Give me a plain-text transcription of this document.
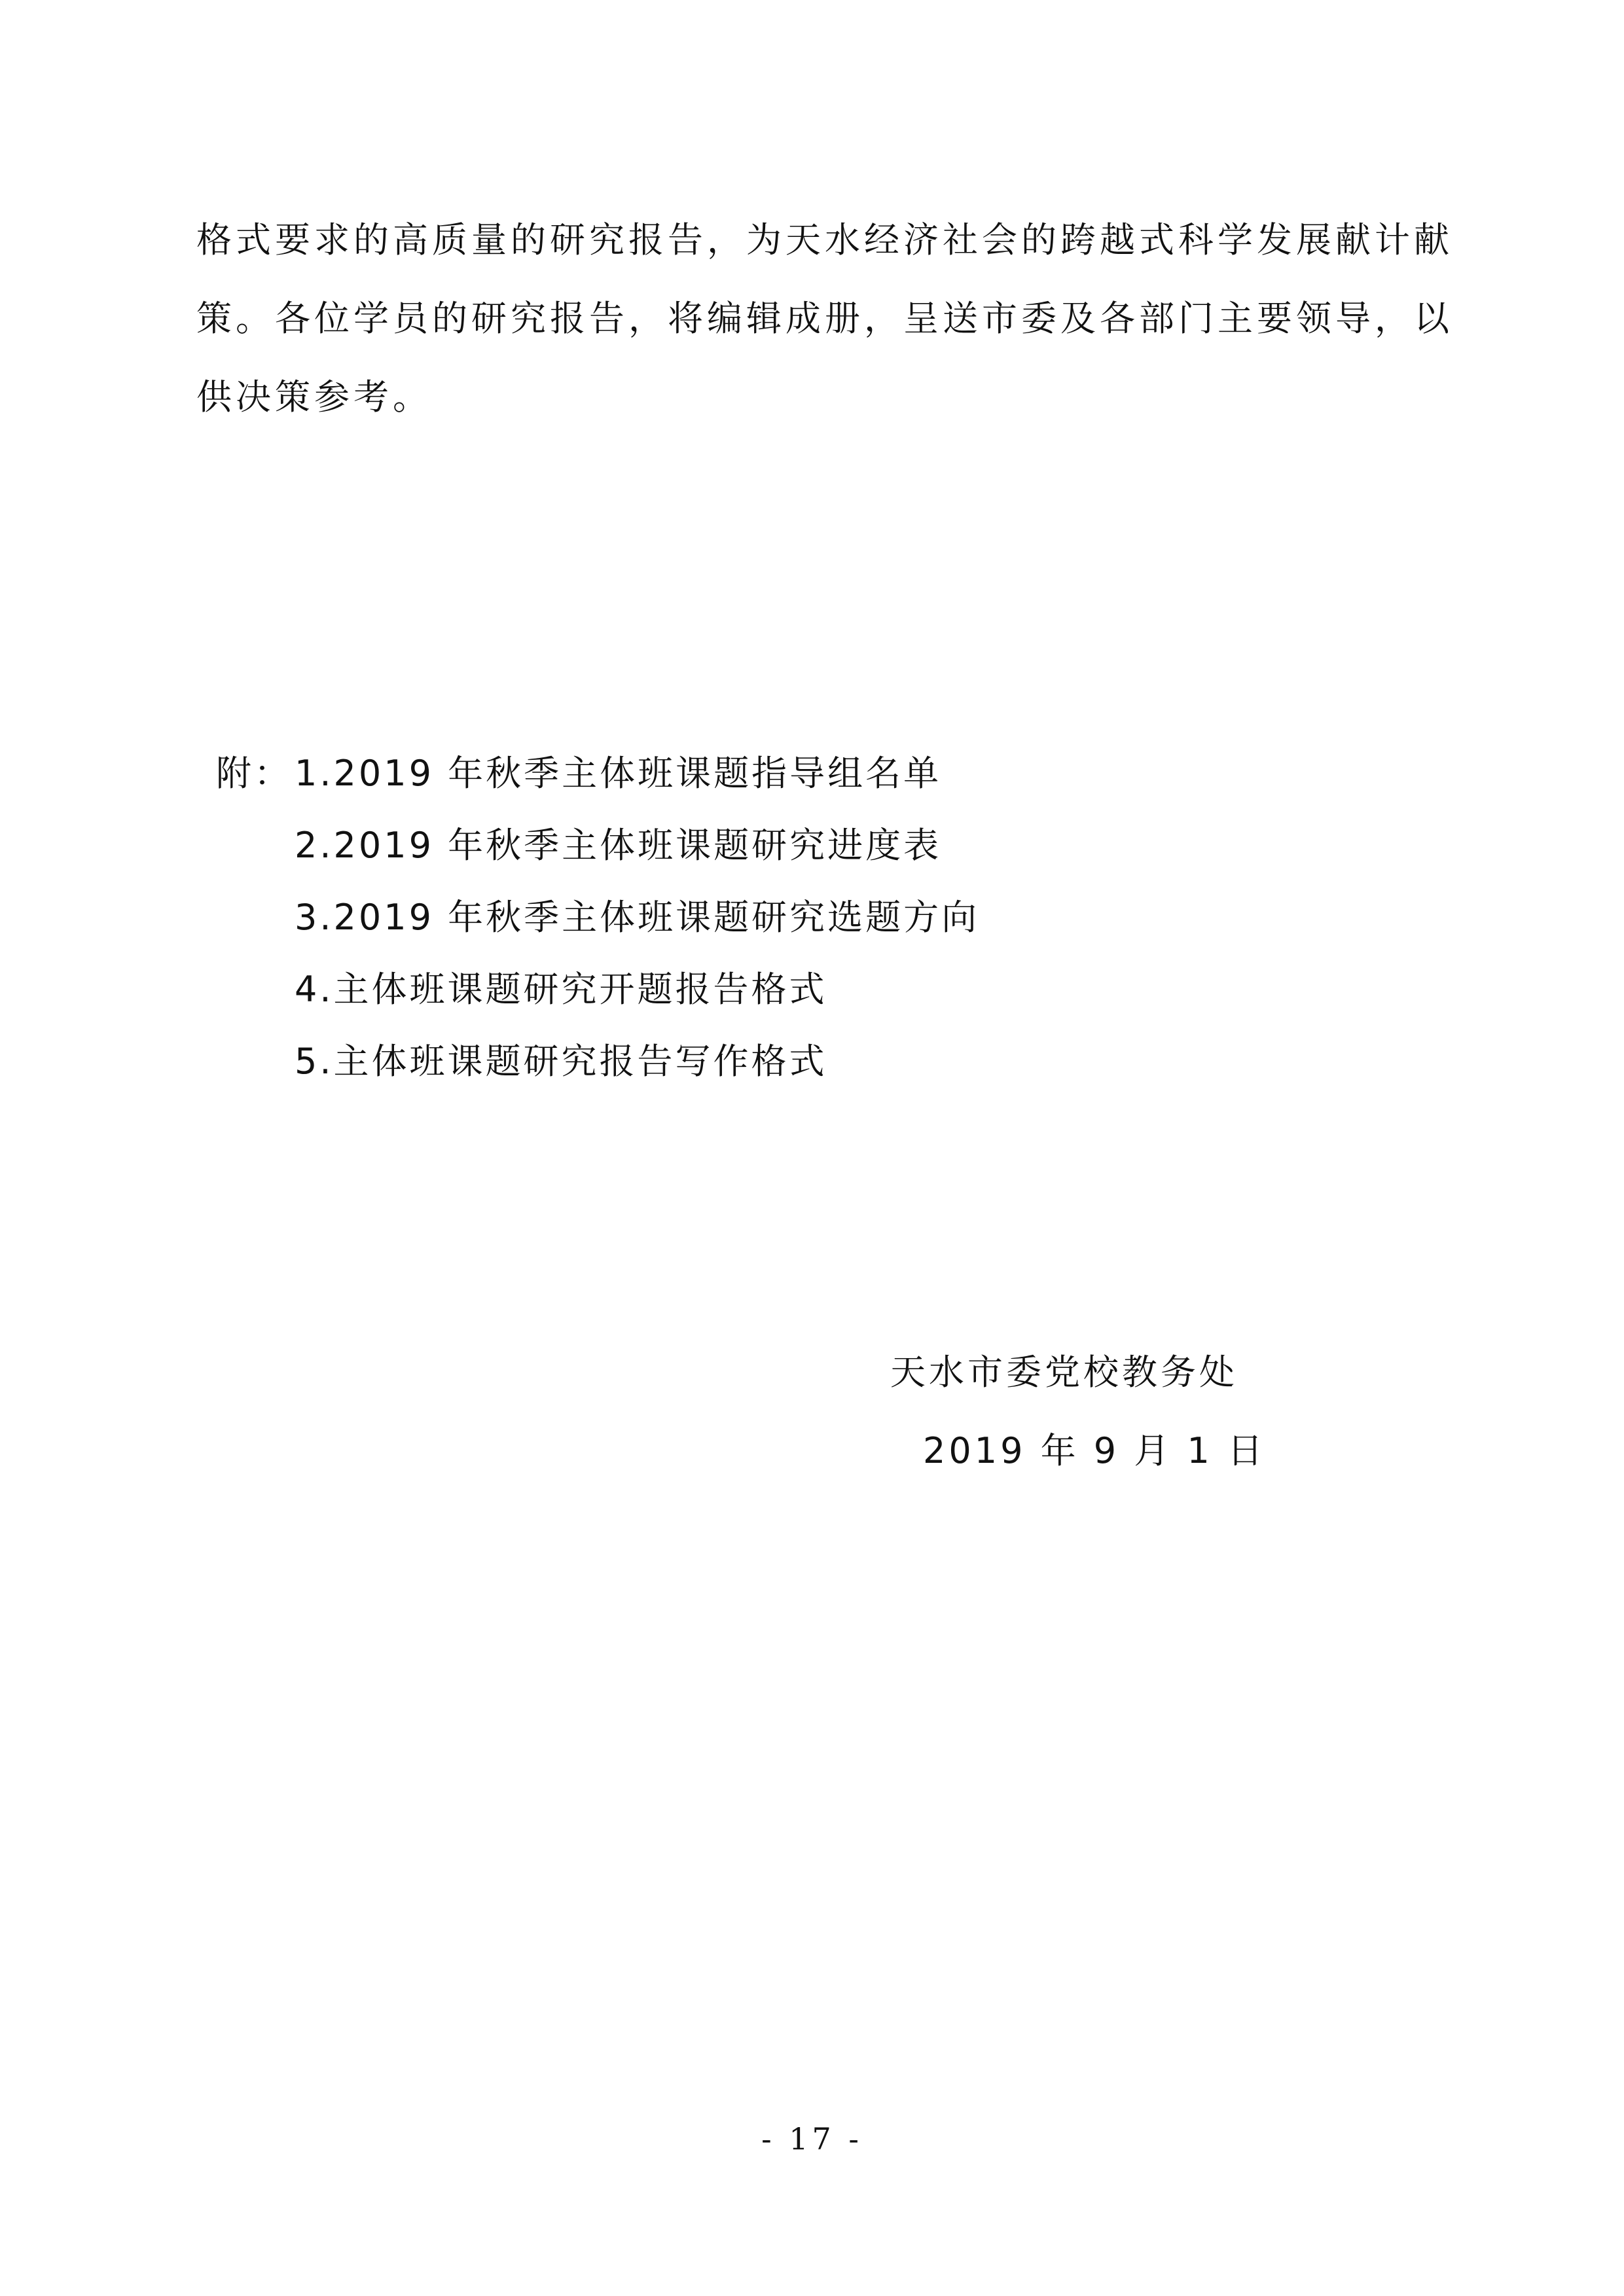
格式要求的高质量的研究报告，为天水经济社会的跨越式科学发展献计献
策。各位学员的研究报告，将编辑成册，呈送市委及各部门主要领导，以
供决策参考。
附： 1.2019 年秋季主体班课题指导组名单
2.2019 年秋季主体班课题研究进度表
3.2019 年秋季主体班课题研究选题方向
4.主体班课题研究开题报告格式
5.主体班课题研究报告写作格式
天水市委党校教务处
2019 年 9 月 1 日
- 17 -
